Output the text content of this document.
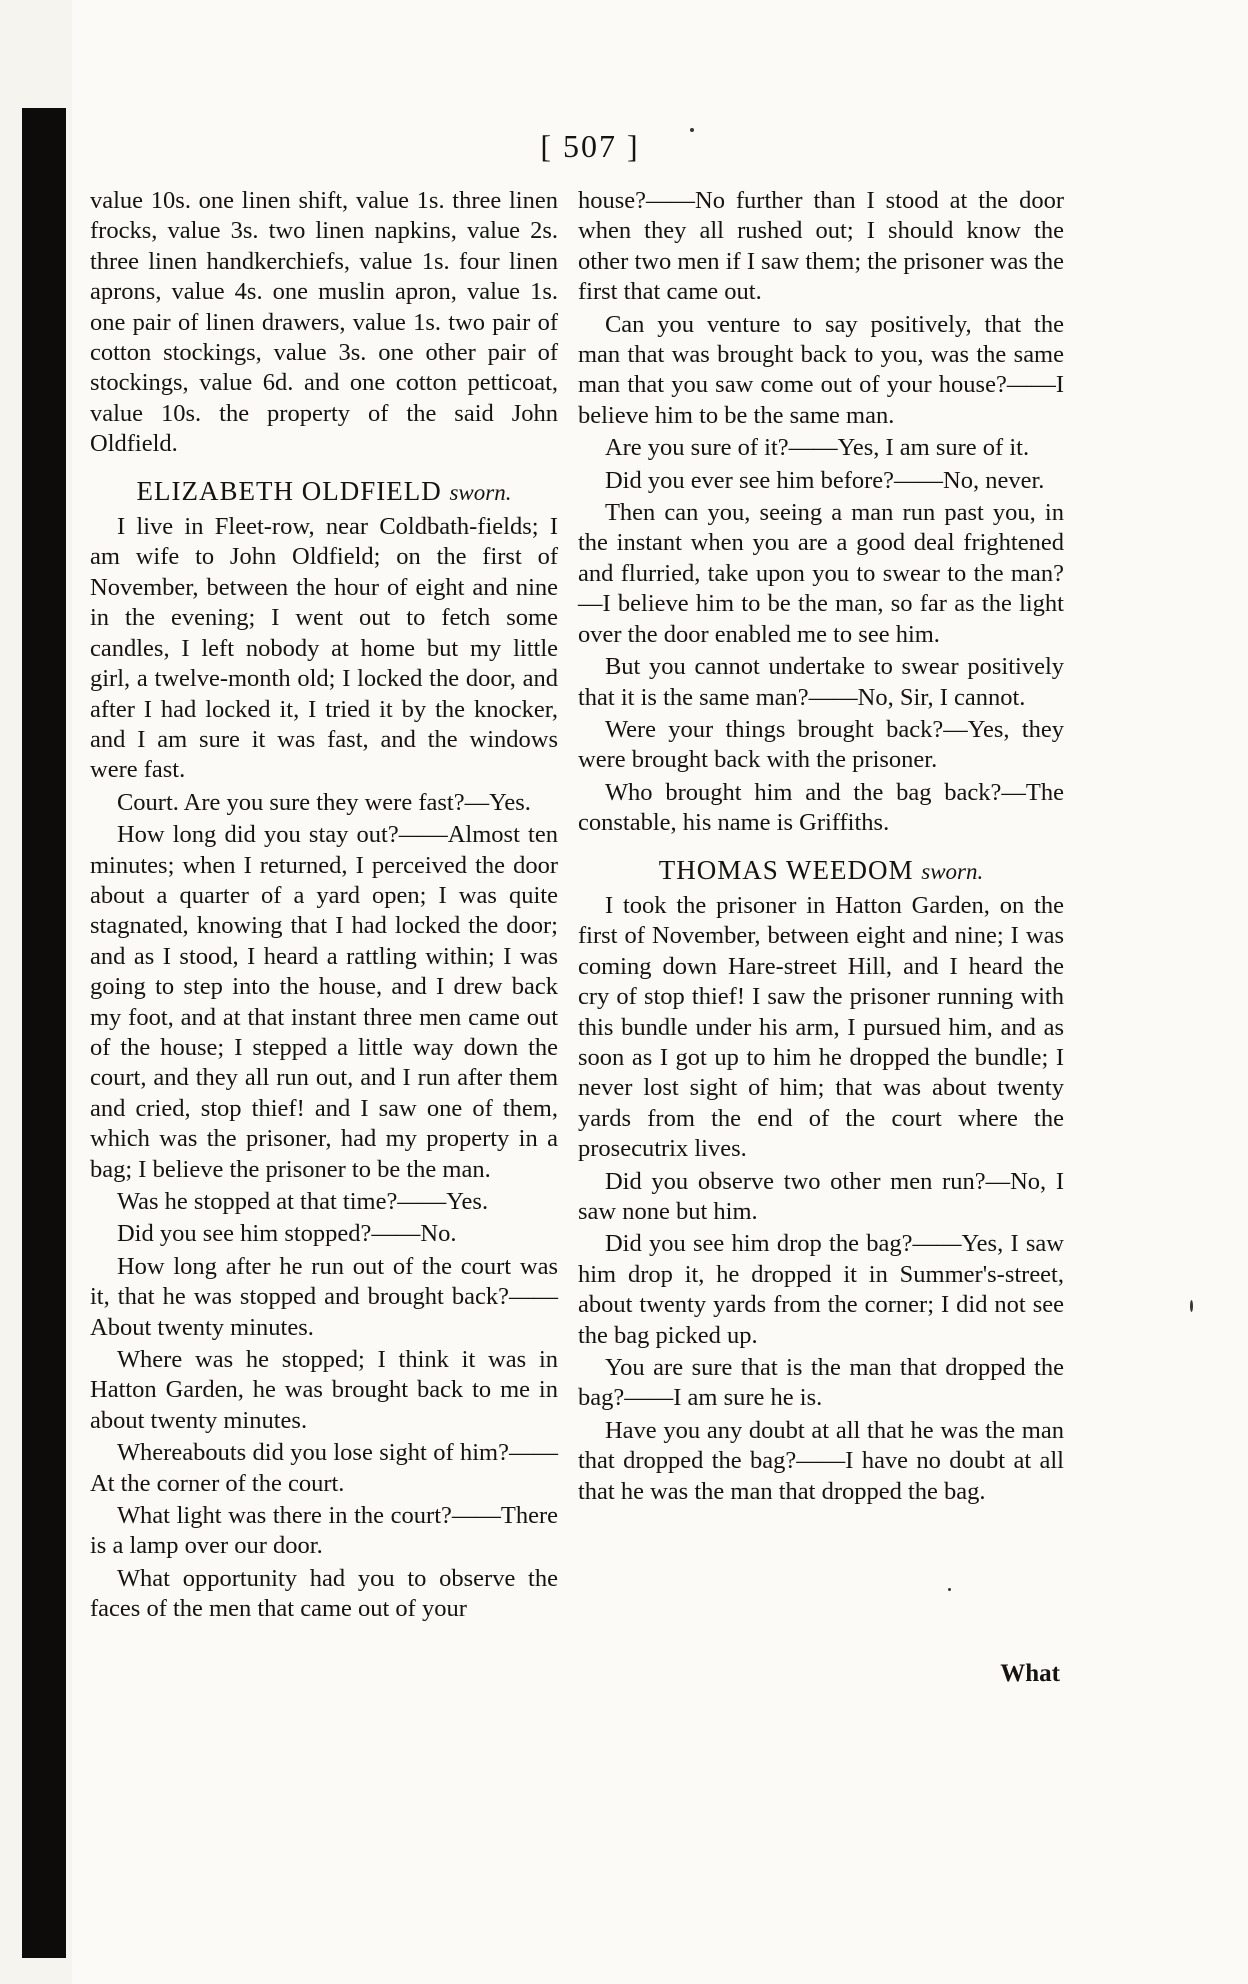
[ 507 ]

value 10s. one linen shift, value 1s. three linen frocks, value 3s. two linen napkins, value 2s. three linen handkerchiefs, value 1s. four linen aprons, value 4s. one muslin apron, value 1s. one pair of linen drawers, value 1s. two pair of cotton stockings, value 3s. one other pair of stockings, value 6d. and one cotton petticoat, value 10s. the property of the said John Oldfield.

ELIZABETH OLDFIELD sworn.

I live in Fleet-row, near Coldbath-fields; I am wife to John Oldfield; on the first of November, between the hour of eight and nine in the evening; I went out to fetch some candles, I left nobody at home but my little girl, a twelve-month old; I locked the door, and after I had locked it, I tried it by the knocker, and I am sure it was fast, and the windows were fast.

Court. Are you sure they were fast?—Yes.

How long did you stay out?——Almost ten minutes; when I returned, I perceived the door about a quarter of a yard open; I was quite stagnated, knowing that I had locked the door; and as I stood, I heard a rattling within; I was going to step into the house, and I drew back my foot, and at that instant three men came out of the house; I stepped a little way down the court, and they all run out, and I run after them and cried, stop thief! and I saw one of them, which was the prisoner, had my property in a bag; I believe the prisoner to be the man.

Was he stopped at that time?——Yes.

Did you see him stopped?——No.

How long after he run out of the court was it, that he was stopped and brought back?——About twenty minutes.

Where was he stopped; I think it was in Hatton Garden, he was brought back to me in about twenty minutes.

Whereabouts did you lose sight of him?——At the corner of the court.

What light was there in the court?——There is a lamp over our door.

What opportunity had you to observe the faces of the men that came out of your

house?——No further than I stood at the door when they all rushed out; I should know the other two men if I saw them; the prisoner was the first that came out.

Can you venture to say positively, that the man that was brought back to you, was the same man that you saw come out of your house?——I believe him to be the same man.

Are you sure of it?——Yes, I am sure of it.

Did you ever see him before?——No, never.

Then can you, seeing a man run past you, in the instant when you are a good deal frightened and flurried, take upon you to swear to the man?—I believe him to be the man, so far as the light over the door enabled me to see him.

But you cannot undertake to swear positively that it is the same man?——No, Sir, I cannot.

Were your things brought back?—Yes, they were brought back with the prisoner.

Who brought him and the bag back?—The constable, his name is Griffiths.

THOMAS WEEDOM sworn.

I took the prisoner in Hatton Garden, on the first of November, between eight and nine; I was coming down Hare-street Hill, and I heard the cry of stop thief! I saw the prisoner running with this bundle under his arm, I pursued him, and as soon as I got up to him he dropped the bundle; I never lost sight of him; that was about twenty yards from the end of the court where the prosecutrix lives.

Did you observe two other men run?—No, I saw none but him.

Did you see him drop the bag?——Yes, I saw him drop it, he dropped it in Summer's-street, about twenty yards from the corner; I did not see the bag picked up.

You are sure that is the man that dropped the bag?——I am sure he is.

Have you any doubt at all that he was the man that dropped the bag?——I have no doubt at all that he was the man that dropped the bag.

What
